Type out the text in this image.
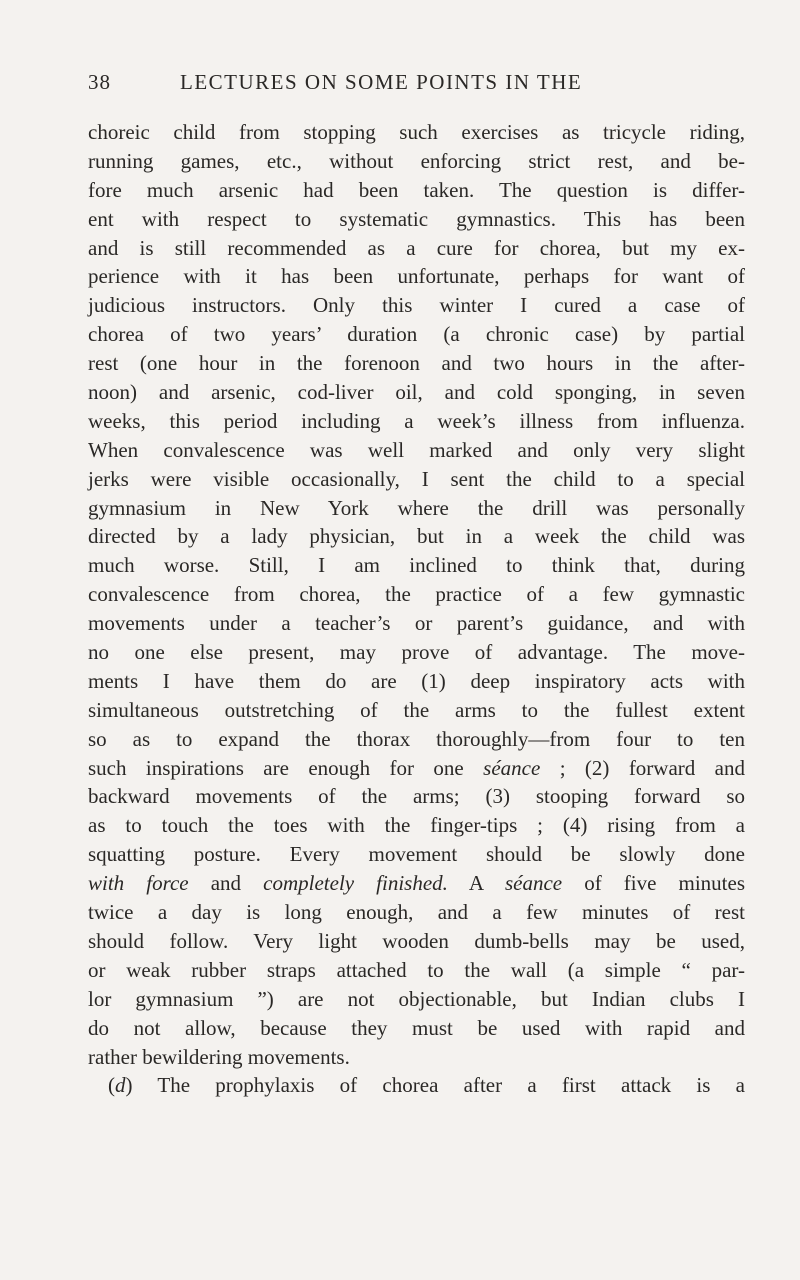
38	LECTURES ON SOME POINTS IN THE
choreic child from stopping such exercises as tricycle riding,
running games, etc., without enforcing strict rest, and be-
fore much arsenic had been taken. The question is differ-
ent with respect to systematic gymnastics. This has been
and is still recommended as a cure for chorea, but my ex-
perience with it has been unfortunate, perhaps for want of
judicious instructors. Only this winter I cured a case of
chorea of two years’ duration (a chronic case) by partial
rest (one hour in the forenoon and two hours in the after-
noon) and arsenic, cod-liver oil, and cold sponging, in seven
weeks, this period including a week’s illness from influenza.
When convalescence was well marked and only very slight
jerks were visible occasionally, I sent the child to a special
gymnasium in New York where the drill was personally
directed by a lady physician, but in a week the child was
much worse. Still, I am inclined to think that, during
convalescence from chorea, the practice of a few gymnastic
movements under a teacher’s or parent’s guidance, and with
no one else present, may prove of advantage. The move-
ments I have them do are (1) deep inspiratory acts with
simultaneous outstretching of the arms to the fullest extent
so as to expand the thorax thoroughly—from four to ten
such inspirations are enough for one séance ; (2) forward and
backward movements of the arms; (3) stooping forward so
as to touch the toes with the finger-tips ; (4) rising from a
squatting posture. Every movement should be slowly done
with force and completely finished. A séance of five minutes
twice a day is long enough, and a few minutes of rest
should follow. Very light wooden dumb-bells may be used,
or weak rubber straps attached to the wall (a simple “ par-
lor gymnasium ”) are not objectionable, but Indian clubs I
do not allow, because they must be used with rapid and
rather bewildering movements.
(d) The prophylaxis of chorea after a first attack is a
